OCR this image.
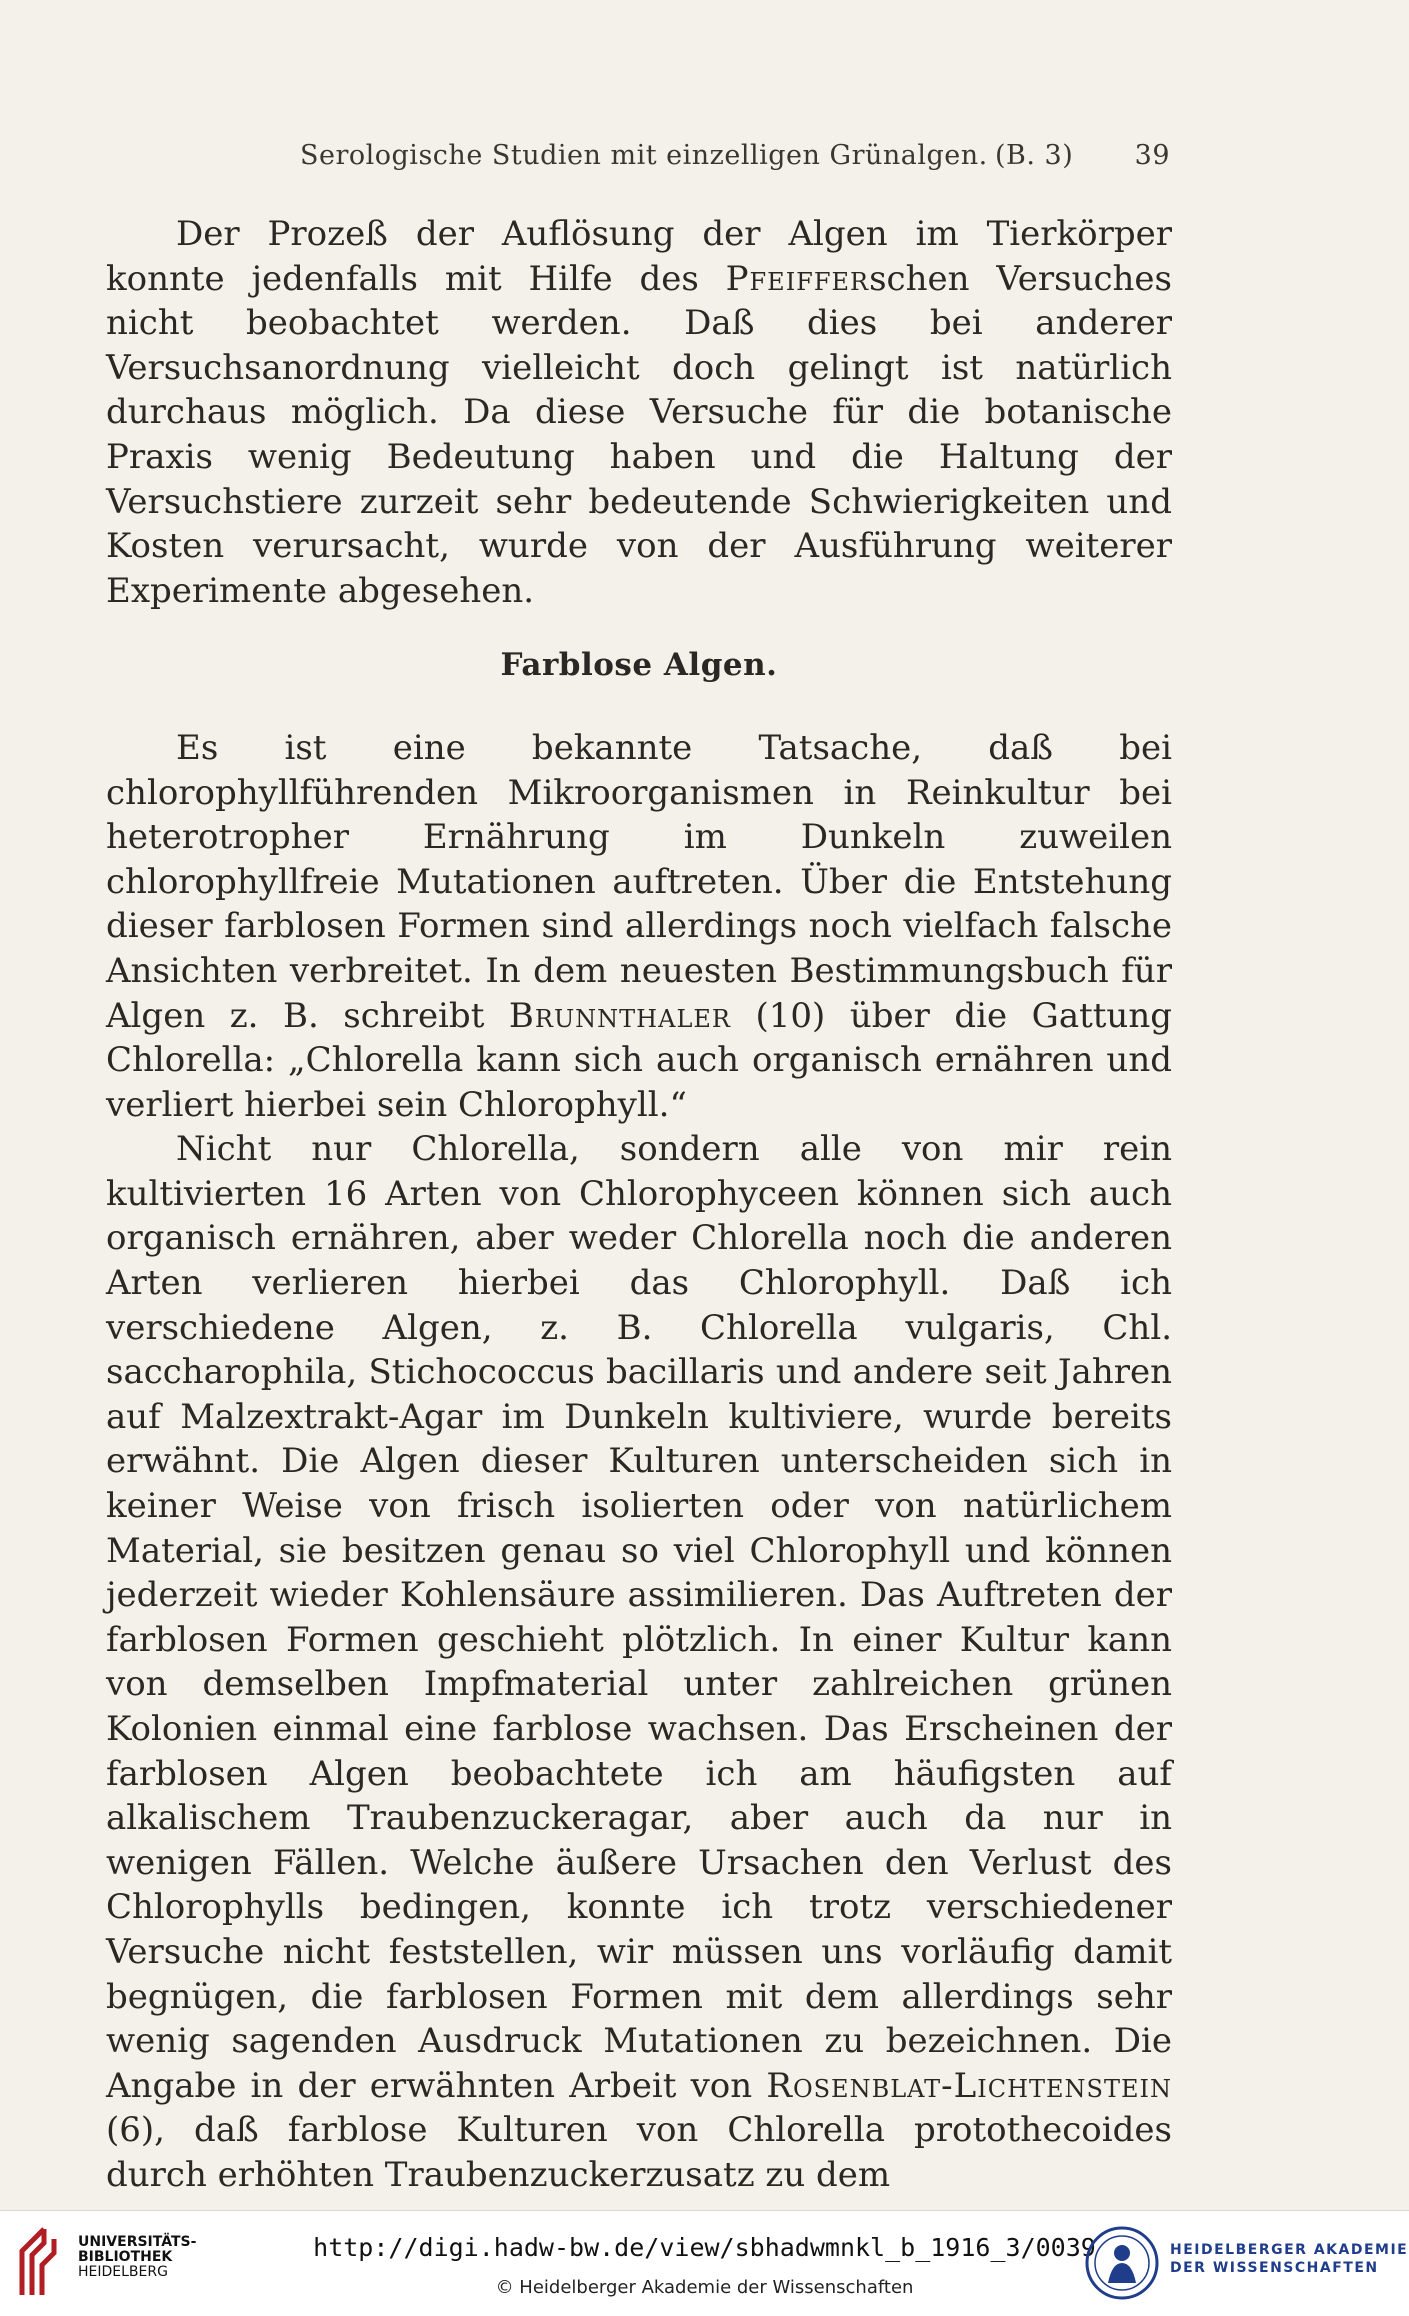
Serologische Studien mit einzelligen Grünalgen. (B. 3) 39

Der Prozeß der Auflösung der Algen im Tierkörper konnte jedenfalls mit Hilfe des Pfeifferschen Versuches nicht beobachtet werden. Daß dies bei anderer Versuchsanordnung vielleicht doch gelingt ist natürlich durchaus möglich. Da diese Versuche für die botanische Praxis wenig Bedeutung haben und die Haltung der Versuchstiere zurzeit sehr bedeutende Schwierigkeiten und Kosten verursacht, wurde von der Ausführung weiterer Experimente abgesehen.

Farblose Algen.

Es ist eine bekannte Tatsache, daß bei chlorophyllführenden Mikroorganismen in Reinkultur bei heterotropher Ernährung im Dunkeln zuweilen chlorophyllfreie Mutationen auftreten. Über die Entstehung dieser farblosen Formen sind allerdings noch vielfach falsche Ansichten verbreitet. In dem neuesten Bestimmungsbuch für Algen z. B. schreibt Brunnthaler (10) über die Gattung Chlorella: „Chlorella kann sich auch organisch ernähren und verliert hierbei sein Chlorophyll.“

Nicht nur Chlorella, sondern alle von mir rein kultivierten 16 Arten von Chlorophyceen können sich auch organisch ernähren, aber weder Chlorella noch die anderen Arten verlieren hierbei das Chlorophyll. Daß ich verschiedene Algen, z. B. Chlorella vulgaris, Chl. saccharophila, Stichococcus bacillaris und andere seit Jahren auf Malzextrakt-Agar im Dunkeln kultiviere, wurde bereits erwähnt. Die Algen dieser Kulturen unterscheiden sich in keiner Weise von frisch isolierten oder von natürlichem Material, sie besitzen genau so viel Chlorophyll und können jederzeit wieder Kohlensäure assimilieren. Das Auftreten der farblosen Formen geschieht plötzlich. In einer Kultur kann von demselben Impfmaterial unter zahlreichen grünen Kolonien einmal eine farblose wachsen. Das Erscheinen der farblosen Algen beobachtete ich am häufigsten auf alkalischem Traubenzuckeragar, aber auch da nur in wenigen Fällen. Welche äußere Ursachen den Verlust des Chlorophylls bedingen, konnte ich trotz verschiedener Versuche nicht feststellen, wir müssen uns vorläufig damit begnügen, die farblosen Formen mit dem allerdings sehr wenig sagenden Ausdruck Mutationen zu bezeichnen. Die Angabe in der erwähnten Arbeit von Rosenblat-Lichtenstein (6), daß farblose Kulturen von Chlorella protothecoides durch erhöhten Traubenzuckerzusatz zu dem

UNIVERSITÄTS-
BIBLIOTHEK
HEIDELBERG
http://digi.hadw-bw.de/view/sbhadwmnkl_b_1916_3/0039
© Heidelberger Akademie der Wissenschaften
HEIDELBERGER AKADEMIE
DER WISSENSCHAFTEN
